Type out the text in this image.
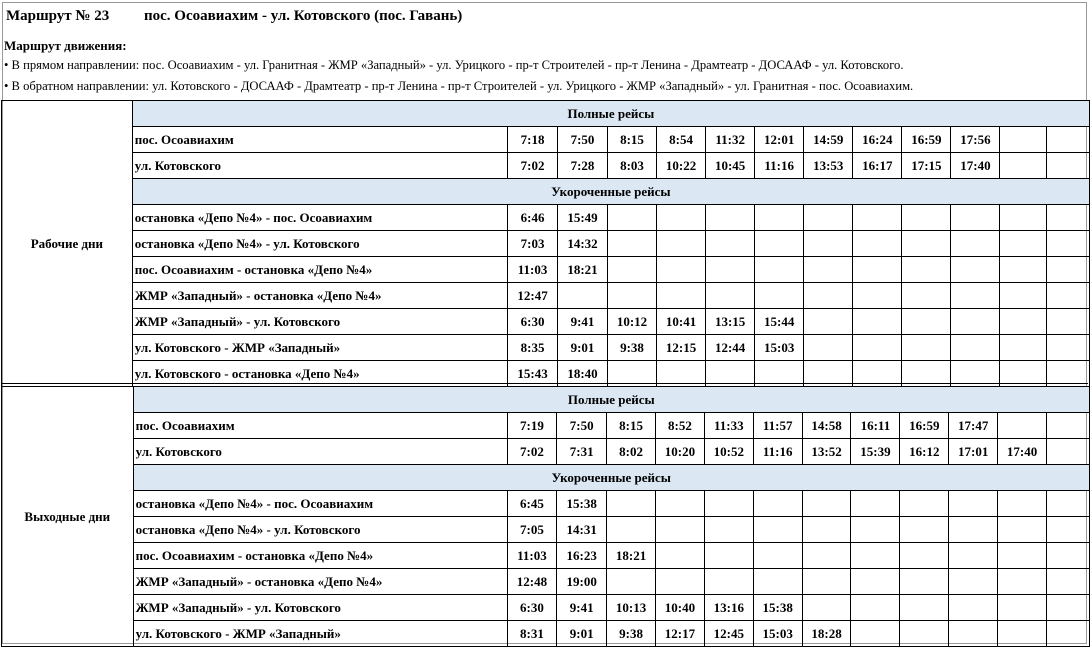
Маршрут № 23 пос. Осоавиахим - ул. Котовского (пос. Гавань)
Маршрут движения:
• В прямом направлении: пос. Осоавиахим - ул. Гранитная - ЖМР «Западный» - ул. Урицкого - пр-т Строителей - пр-т Ленина - Драмтеатр - ДОСААФ - ул. Котовского.
• В обратном направлении: ул. Котовского - ДОСААФ - Драмтеатр - пр-т Ленина - пр-т Строителей - ул. Урицкого - ЖМР «Западный» - ул. Гранитная - пос. Осоавиахим.
Рабочие дни	Полные рейсы												
	пос. Осоавиахим	7:18	7:50	8:15	8:54	11:32	12:01	14:59	16:24	16:59	17:56		
	ул. Котовского	7:02	7:28	8:03	10:22	10:45	11:16	13:53	16:17	17:15	17:40		
	Укороченные рейсы												
	остановка «Депо №4» - пос. Осоавиахим	6:46	15:49										
	остановка «Депо №4» - ул. Котовского	7:03	14:32										
	пос. Осоавиахим - остановка «Депо №4»	11:03	18:21										
	ЖМР «Западный» - остановка «Депо №4»	12:47											
	ЖМР «Западный» - ул. Котовского	6:30	9:41	10:12	10:41	13:15	15:44						
	ул. Котовского - ЖМР «Западный»	8:35	9:01	9:38	12:15	12:44	15:03						
	ул. Котовского - остановка «Депо №4»	15:43	18:40										
Выходные дни	Полные рейсы												
	пос. Осоавиахим	7:19	7:50	8:15	8:52	11:33	11:57	14:58	16:11	16:59	17:47		
	ул. Котовского	7:02	7:31	8:02	10:20	10:52	11:16	13:52	15:39	16:12	17:01	17:40	
	Укороченные рейсы												
	остановка «Депо №4» - пос. Осоавиахим	6:45	15:38										
	остановка «Депо №4» - ул. Котовского	7:05	14:31										
	пос. Осоавиахим - остановка «Депо №4»	11:03	16:23	18:21									
	ЖМР «Западный» - остановка «Депо №4»	12:48	19:00										
	ЖМР «Западный» - ул. Котовского	6:30	9:41	10:13	10:40	13:16	15:38						
	ул. Котовского - ЖМР «Западный»	8:31	9:01	9:38	12:17	12:45	15:03	18:28					
